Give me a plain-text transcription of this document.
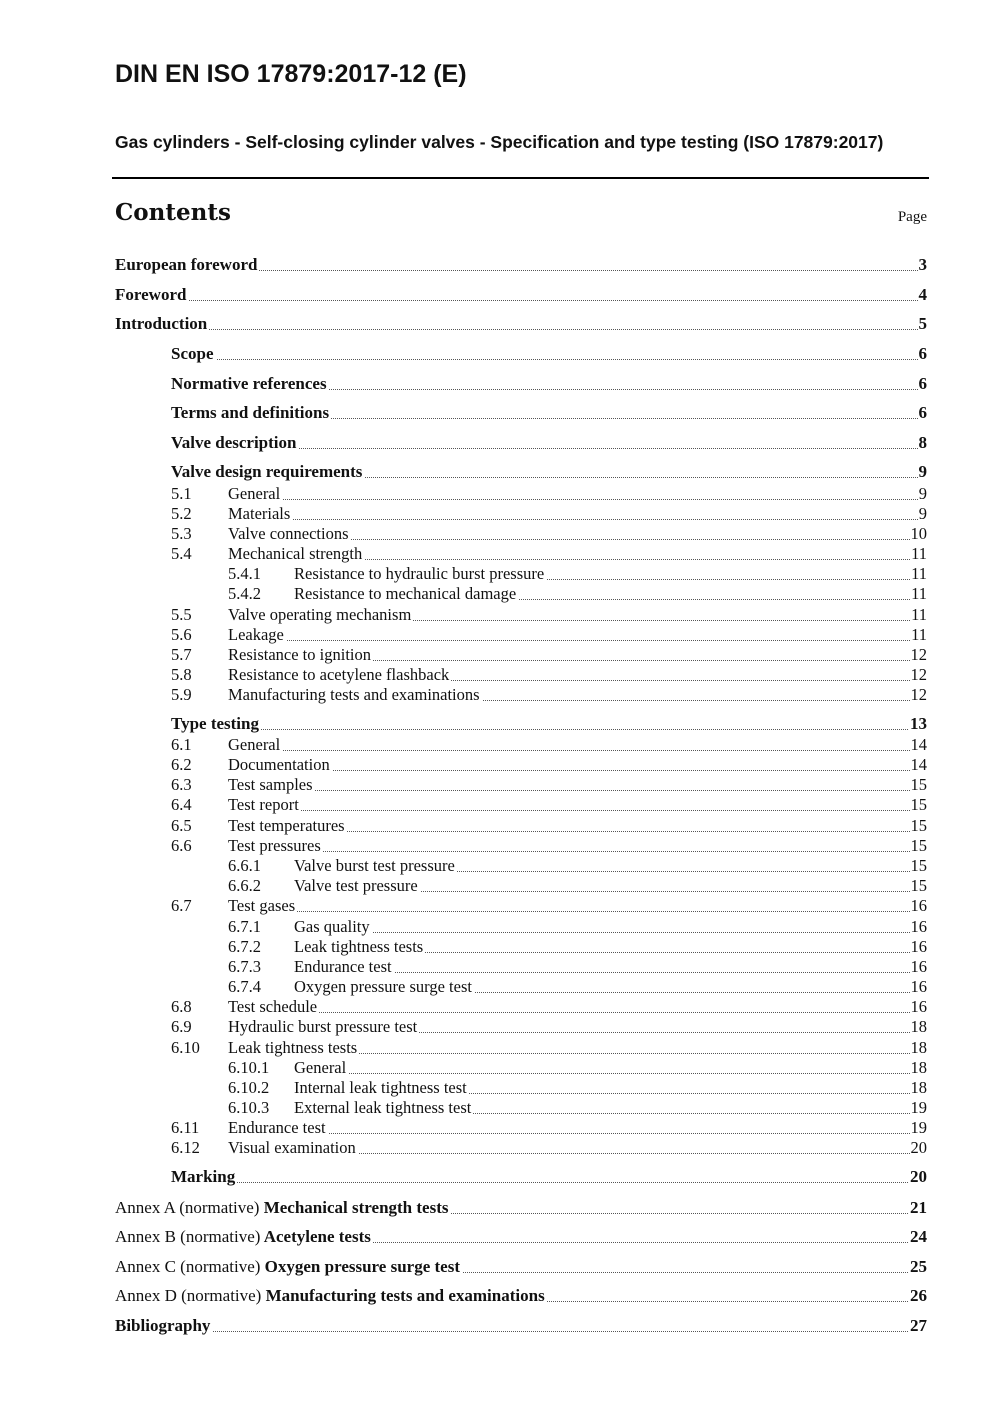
DIN EN ISO 17879:2017-12 (E)

Gas cylinders - Self-closing cylinder valves - Specification and type testing (ISO 17879:2017)

Contents	Page
European foreword	3
Foreword	4
Introduction	5
Scope	6
Normative references	6
Terms and definitions	6
Valve description	8
Valve design requirements	9
5.1 General	9
5.2 Materials	9
5.3 Valve connections	10
5.4 Mechanical strength	11
5.4.1 Resistance to hydraulic burst pressure	11
5.4.2 Resistance to mechanical damage	11
5.5 Valve operating mechanism	11
5.6 Leakage	11
5.7 Resistance to ignition	12
5.8 Resistance to acetylene flashback	12
5.9 Manufacturing tests and examinations	12
Type testing	13
6.1 General	14
6.2 Documentation	14
6.3 Test samples	15
6.4 Test report	15
6.5 Test temperatures	15
6.6 Test pressures	15
6.6.1 Valve burst test pressure	15
6.6.2 Valve test pressure	15
6.7 Test gases	16
6.7.1 Gas quality	16
6.7.2 Leak tightness tests	16
6.7.3 Endurance test	16
6.7.4 Oxygen pressure surge test	16
6.8 Test schedule	16
6.9 Hydraulic burst pressure test	18
6.10 Leak tightness tests	18
6.10.1 General	18
6.10.2 Internal leak tightness test	18
6.10.3 External leak tightness test	19
6.11 Endurance test	19
6.12 Visual examination	20
Marking	20
Annex A (normative) Mechanical strength tests	21
Annex B (normative) Acetylene tests	24
Annex C (normative) Oxygen pressure surge test	25
Annex D (normative) Manufacturing tests and examinations	26
Bibliography	27
